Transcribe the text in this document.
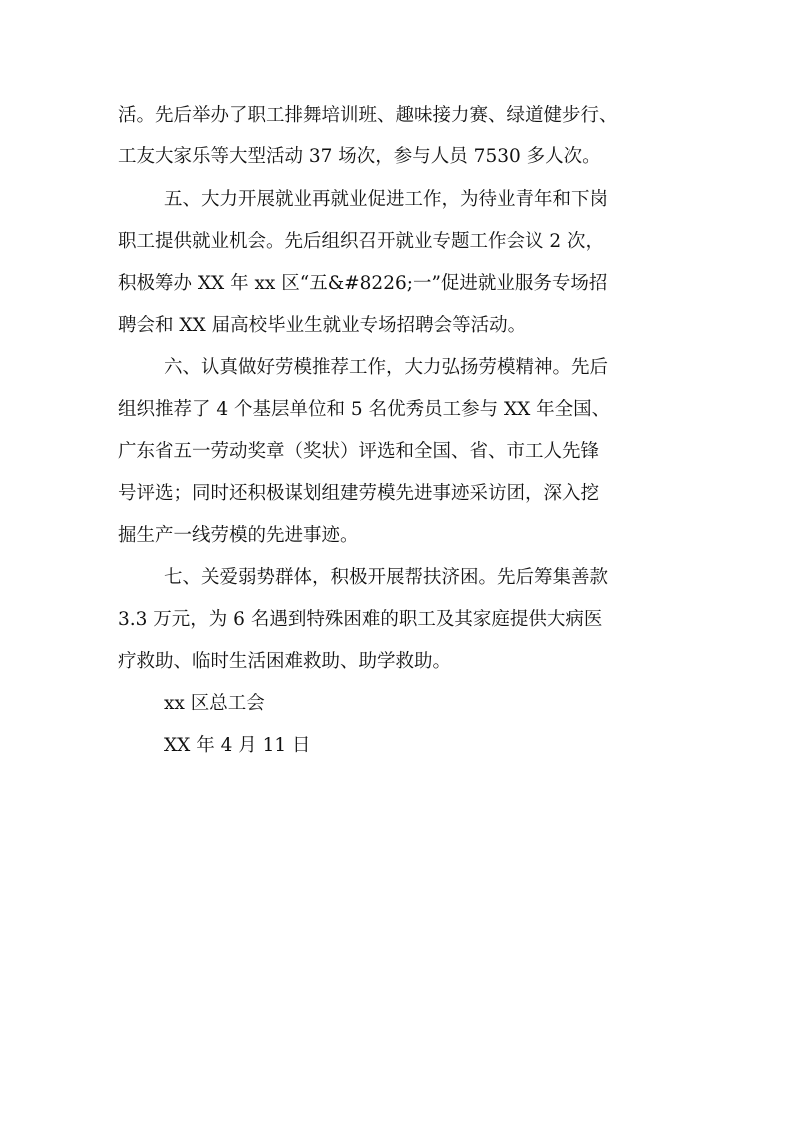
活。先后举办了职工排舞培训班、趣味接力赛、绿道健步行、

工友大家乐等大型活动 37 场次，参与人员 7530 多人次。

五、大力开展就业再就业促进工作，为待业青年和下岗

职工提供就业机会。先后组织召开就业专题工作会议 2 次，

积极筹办 XX 年 xx 区“五&#8226;一”促进就业服务专场招

聘会和 XX 届高校毕业生就业专场招聘会等活动。

六、认真做好劳模推荐工作，大力弘扬劳模精神。先后

组织推荐了 4 个基层单位和 5 名优秀员工参与 XX 年全国、

广东省五一劳动奖章（奖状）评选和全国、省、市工人先锋

号评选；同时还积极谋划组建劳模先进事迹采访团，深入挖

掘生产一线劳模的先进事迹。

七、关爱弱势群体，积极开展帮扶济困。先后筹集善款

3.3 万元，为 6 名遇到特殊困难的职工及其家庭提供大病医

疗救助、临时生活困难救助、助学救助。

xx 区总工会

XX 年 4 月 11 日
